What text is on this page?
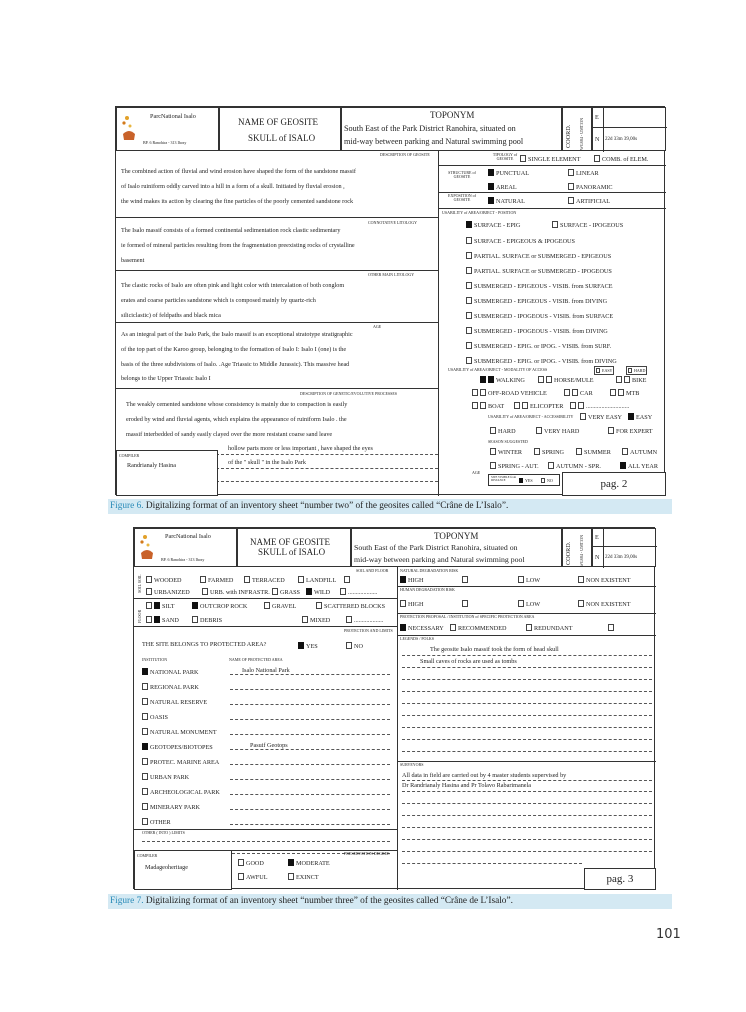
ParcNational Isalo
BP. 6 Ranohira - 313 Ihosy
NAME OF GEOSITE
SKULL of ISALO
TOPONYM
South East of the Park District Ranohira, situated on
mid-way between parking and Natural swimming pool	COORD. WGS84 - UMT33N
E
N 22d 33m 39,00s
DESCRIPTION OF GEOSITE
The combined action of fluvial and wind erosion have shaped the form of the sandstone massif
of Isalo ruiniform oddly carved into a hill in a form of a skull. Initiated by fluvial erosion ,
the wind makes its action by clearing the fine particles of the poorly cemented sandstone rock
CONNOTATIVE LITOLOGY
The Isalo massif consists of a formed continental sedimentation rock clastic sedimentary
ie formed of mineral particles resulting from the fragmentation preexisting rocks of crystalline
basement
OTHER MAIN LITOLOGY
The clastic rocks of Isalo are often pink and light color with intercalation of both conglom
erates and coarse particles sandstone which is composed mainly by quartz-rich
siliciclastic) of feldpaths and black mica
AGE
As an integral part of the Isalo Park, the Isalo massif is an exceptional stratotype stratigraphic
of the top part of the Karoo group, belonging to the formation of Isalo I: Isalo I (one) is the
basis of the three subdivisions of Isalo. .Age Triassic to Middle Jurassic). This massive head
belongs to the Upper Triassic Isalo I
DESCRIPTION OF GENETIC/EVOLUTIVE PROCESSES
The weakly cemented sandstone whose consistency is mainly due to compaction is easily
eroded by wind and fluvial agents, which explains the appearance of ruiniform Isalo . the
massif interbedded of sandy easily clayed over the more resistant coarse sand leave
hollow parts more or less important , have shaped the eyes
of the " skull " in the Isalo Park
COMPILER
Randrianaly Hasina
TIPOLOGY of GEOSITE	SINGLE ELEMENT	COMB. of ELEM.
STRUCTURE of GEOSITE	PUNCTUAL	LINEAR
AREAL	PANORAMIC
EXPOSITION of GEOSITE	NATURAL	ARTIFICIAL
USABILITY of AREA/OBJECT - POSITION
SURFACE - EPIG	SURFACE - IPOGEOUS
SURFACE - EPIGEOUS & IPOGEOUS
PARTIAL. SURFACE or SUBMERGED - EPIGEOUS
PARTIAL. SURFACE or SUBMERGED - IPOGEOUS
SUBMERGED - EPIGEOUS - VISIB. from SURFACE
SUBMERGED - EPIGEOUS - VISIB. from DIVING
SUBMERGED - IPOGEOUS - VISIB. from SURFACE
SUBMERGED - IPOGEOUS - VISIB. from DIVING
SUBMERGED - EPIG. or IPOG. - VISIB. from SURF.
SUBMERGED - EPIG. or IPOG. - VISIB. from DIVING
USABILITY of AREA/OBJECT - MODALITY OF ACCESS	EASY	HARD
WALKING	HORSE/MULE	BIKE
OFF-ROAD VEHICLE	CAR	MTB
BOAT	ELICOPTER	............................
USABILITY of AREA/OBJECT - ACCESSIBILITY	VERY EASY	EASY
HARD	VERY HARD	FOR EXPERT
SEASON SUGGESTED
WINTER	SPRING	SUMMER	AUTUMN
SPRING - AUT.	AUTUMN - SPR.	ALL YEAR
AGE
SITE VISIBLE from DISTANCE	YES	NO	pag. 2
Figure 6. Digitalizing format of an inventory sheet “number two” of the geosites called “Crâne de L’Isalo”.
ParcNational Isalo
BP. 6 Ranohira - 313 Ihosy
NAME OF GEOSITE
SKULL of ISALO
TOPONYM
South East of the Park District Ranohira, situated on
mid-way between parking and Natural swimming pool	COORD. WGS84 - UMT33N E
N 22d 33m 39,00s
SOIL AND FLOOR
SOIL SOIL	WOODED	FARMED	TERRACED	LANDFILL
URBANIZED	URB. with INFRASTR.	GRASS	WILD	...................
FLOOR
SILT	OUTCROP ROCK	GRAVEL	SCATTERED BLOCKS
SAND	DEBRIS	MIXED	...................
PROTECTION AND LIMITS
THE SITE BELONGS TO PROTECTED AREA?	YES	NO
INSTITUTION	NAME OF PROTECTED AREA
NATIONAL PARK	Isalo National Park
REGIONAL PARK
NATURAL RESERVE
OASIS
NATURAL MONUMENT
GEOTOPES/BIOTOPES	Pasuif Geotops
PROTEC. MARINE AREA
URBAN PARK
ARCHEOLOGICAL PARK
MINERARY PARK
OTHER
OTHER ( INTO ) LIMITS
COMPILER
Madageoheritage
PRESERVATION DEGREE
GOOD	MODERATE
AWFUL	EXINCT
NATURAL DEGRADATION RISK
HIGH	LOW	NON EXISTENT
HUMAN DEGRADATION RISK
HIGH	LOW	NON EXISTENT
PROTECTION PROPOSAL / INSTITUTION of SPECIFIC PROTECTION AREA
NECESSARY	RECOMMENDED	REDUNDANT
LEGENDS / FOLKS
The geosite Isalo massif took the form of head skull
Small caves of rocks are used as tombs
SURVEYORS
All data in field are carried out by 4 master students supervised by
Dr Randrianaly Hasina and Pr Tolavo Rabarimanela
pag. 3
Figure 7. Digitalizing format of an inventory sheet “number three” of the geosites called “Crâne de L’Isalo”.
101
